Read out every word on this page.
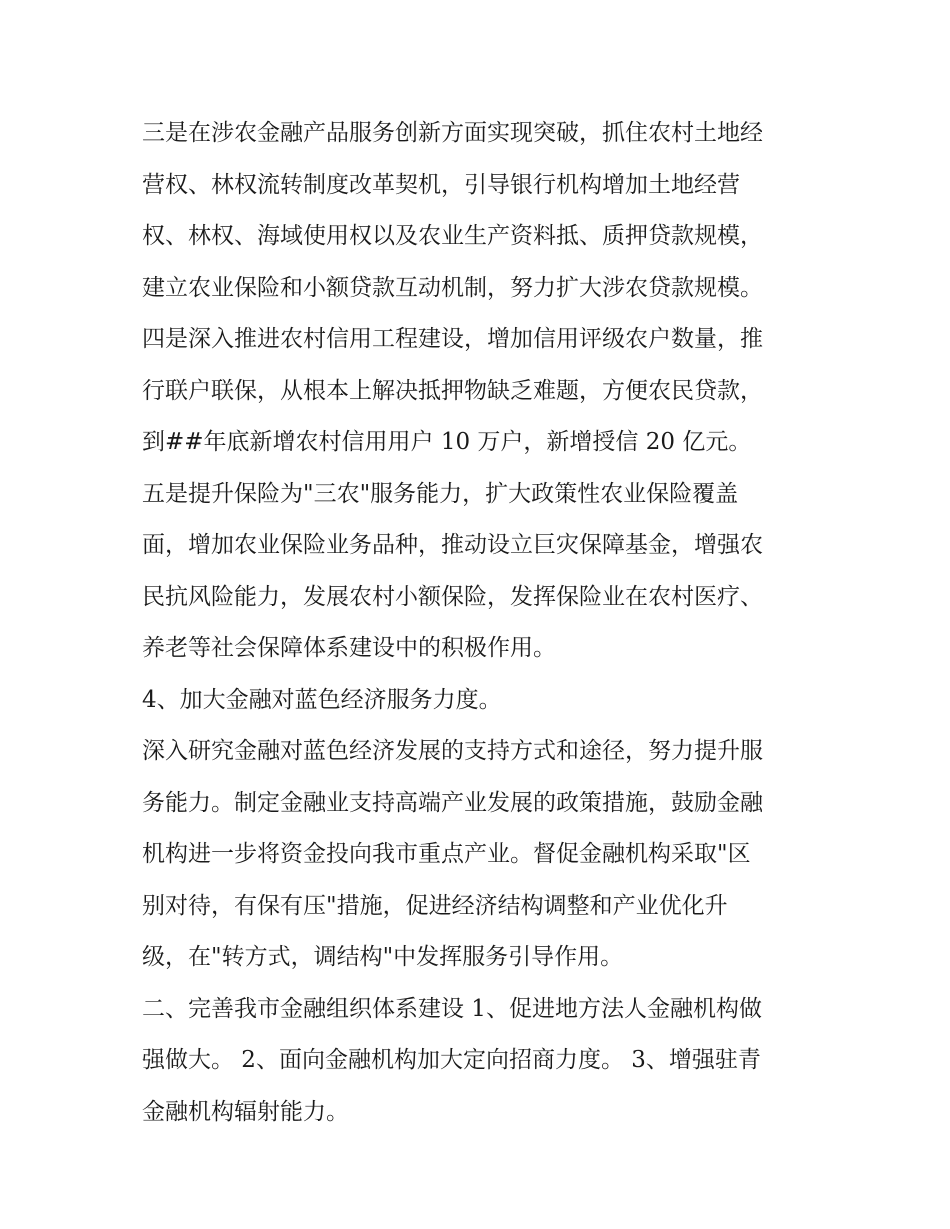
三是在涉农金融产品服务创新方面实现突破，抓住农村土地经
营权、林权流转制度改革契机，引导银行机构增加土地经营
权、林权、海域使用权以及农业生产资料抵、质押贷款规模，
建立农业保险和小额贷款互动机制，努力扩大涉农贷款规模。
四是深入推进农村信用工程建设，增加信用评级农户数量，推
行联户联保，从根本上解决抵押物缺乏难题，方便农民贷款，
到##年底新增农村信用用户 10 万户，新增授信 20 亿元。
五是提升保险为"三农"服务能力，扩大政策性农业保险覆盖
面，增加农业保险业务品种，推动设立巨灾保障基金，增强农
民抗风险能力，发展农村小额保险，发挥保险业在农村医疗、
养老等社会保障体系建设中的积极作用。
4、加大金融对蓝色经济服务力度。
深入研究金融对蓝色经济发展的支持方式和途径，努力提升服
务能力。制定金融业支持高端产业发展的政策措施，鼓励金融
机构进一步将资金投向我市重点产业。督促金融机构采取"区
别对待，有保有压"措施，促进经济结构调整和产业优化升
级，在"转方式，调结构"中发挥服务引导作用。
二、完善我市金融组织体系建设 1、促进地方法人金融机构做
强做大。 2、面向金融机构加大定向招商力度。 3、增强驻青
金融机构辐射能力。
